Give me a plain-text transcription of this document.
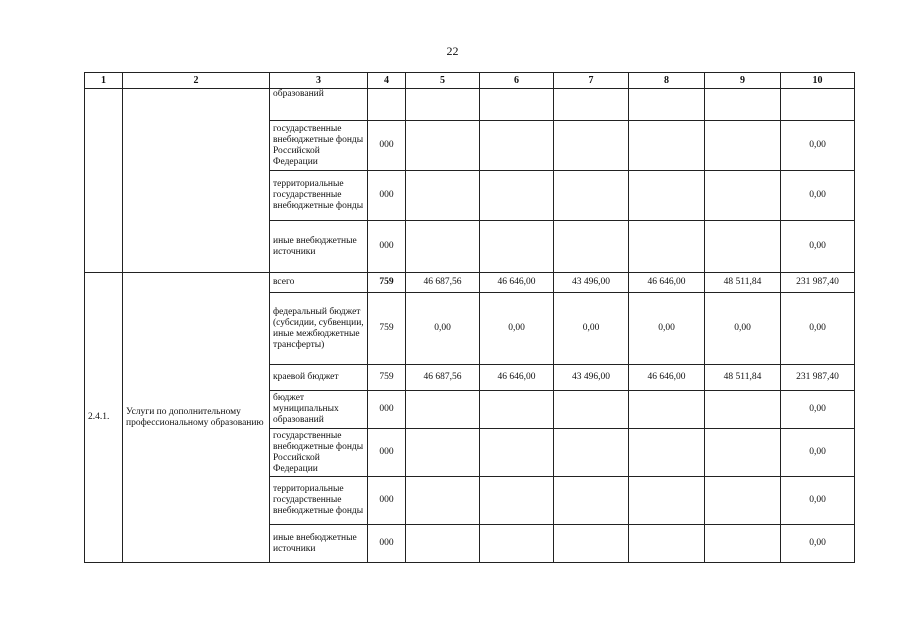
22
1	2	3	4	5	6	7	8	9	10
		образований							
		государственные внебюджетные фонды Российской Федерации	000						0,00
		территориальные государственные внебюджетные фонды	000						0,00
		иные внебюджетные источники	000						0,00
2.4.1.	Услуги по дополнительному профессиональному образованию	всего	759	46 687,56	46 646,00	43 496,00	46 646,00	48 511,84	231 987,40
		федеральный бюджет (субсидии, субвенции, иные межбюджетные трансферты)	759	0,00	0,00	0,00	0,00	0,00	0,00
		краевой бюджет	759	46 687,56	46 646,00	43 496,00	46 646,00	48 511,84	231 987,40
		бюджет муниципальных образований	000						0,00
		государственные внебюджетные фонды Российской Федерации	000						0,00
		территориальные государственные внебюджетные фонды	000						0,00
		иные внебюджетные источники	000						0,00
